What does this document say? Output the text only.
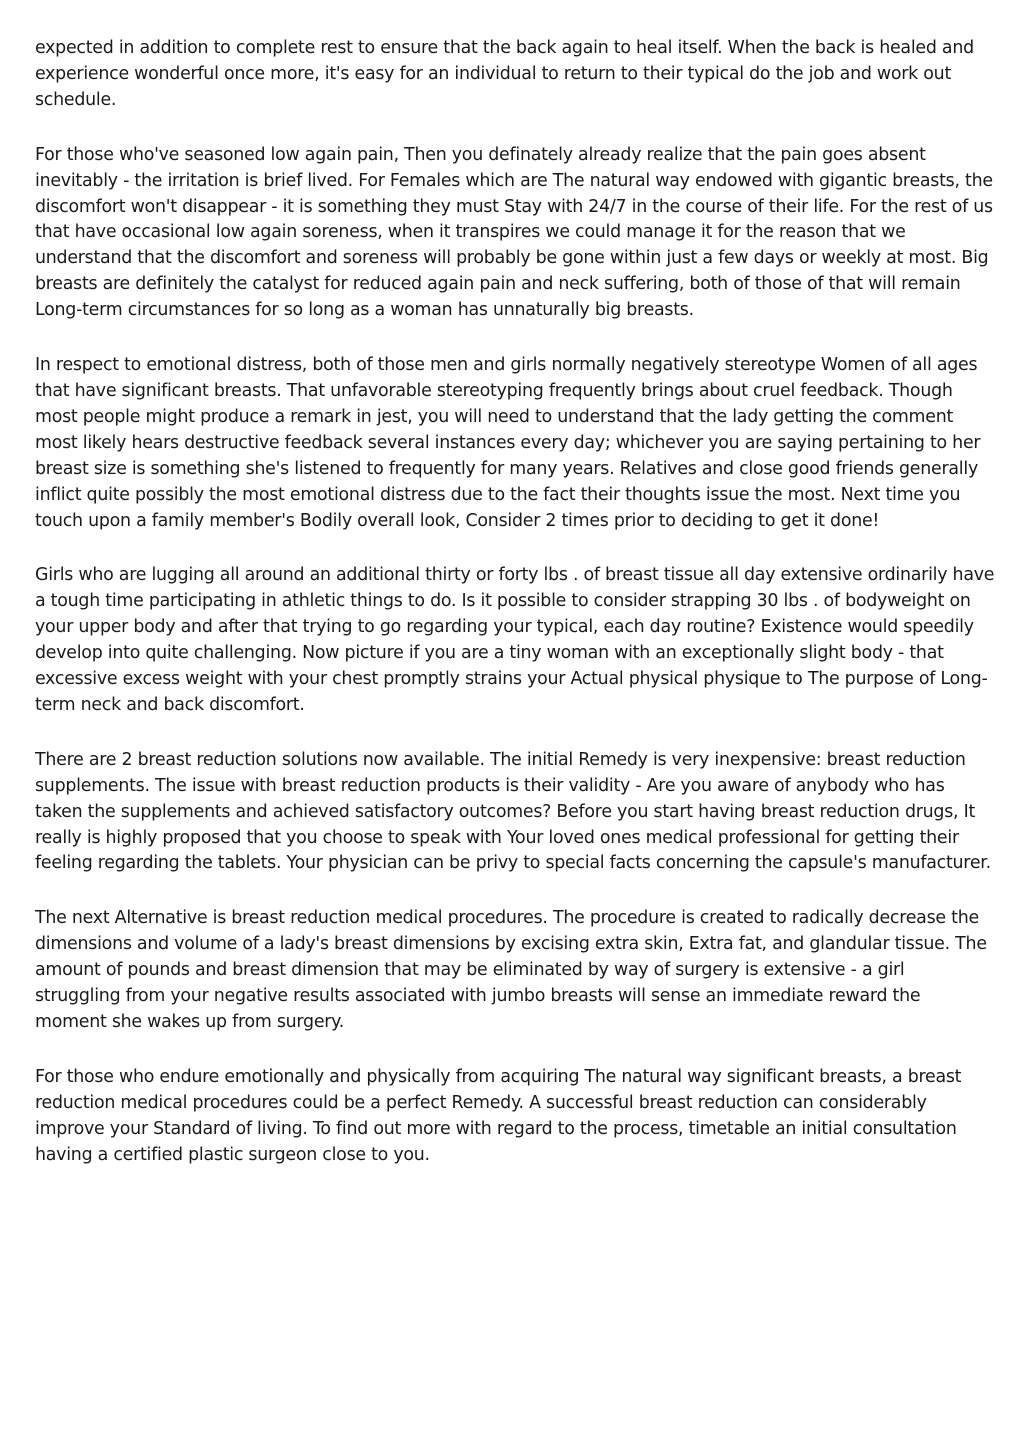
expected in addition to complete rest to ensure that the back again to heal itself. When the back is healed and experience wonderful once more, it's easy for an individual to return to their typical do the job and work out schedule.

For those who've seasoned low again pain, Then you definately already realize that the pain goes absent inevitably - the irritation is brief lived. For Females which are The natural way endowed with gigantic breasts, the discomfort won't disappear - it is something they must Stay with 24/7 in the course of their life. For the rest of us that have occasional low again soreness, when it transpires we could manage it for the reason that we understand that the discomfort and soreness will probably be gone within just a few days or weekly at most. Big breasts are definitely the catalyst for reduced again pain and neck suffering, both of those of that will remain Long-term circumstances for so long as a woman has unnaturally big breasts.

In respect to emotional distress, both of those men and girls normally negatively stereotype Women of all ages that have significant breasts. That unfavorable stereotyping frequently brings about cruel feedback. Though most people might produce a remark in jest, you will need to understand that the lady getting the comment most likely hears destructive feedback several instances every day; whichever you are saying pertaining to her breast size is something she's listened to frequently for many years. Relatives and close good friends generally inflict quite possibly the most emotional distress due to the fact their thoughts issue the most. Next time you touch upon a family member's Bodily overall look, Consider 2 times prior to deciding to get it done!

Girls who are lugging all around an additional thirty or forty lbs . of breast tissue all day extensive ordinarily have a tough time participating in athletic things to do. Is it possible to consider strapping 30 lbs . of bodyweight on your upper body and after that trying to go regarding your typical, each day routine? Existence would speedily develop into quite challenging. Now picture if you are a tiny woman with an exceptionally slight body - that excessive excess weight with your chest promptly strains your Actual physical physique to The purpose of Long-term neck and back discomfort.

There are 2 breast reduction solutions now available. The initial Remedy is very inexpensive: breast reduction supplements. The issue with breast reduction products is their validity - Are you aware of anybody who has taken the supplements and achieved satisfactory outcomes? Before you start having breast reduction drugs, It really is highly proposed that you choose to speak with Your loved ones medical professional for getting their feeling regarding the tablets. Your physician can be privy to special facts concerning the capsule's manufacturer.

The next Alternative is breast reduction medical procedures. The procedure is created to radically decrease the dimensions and volume of a lady's breast dimensions by excising extra skin, Extra fat, and glandular tissue. The amount of pounds and breast dimension that may be eliminated by way of surgery is extensive - a girl struggling from your negative results associated with jumbo breasts will sense an immediate reward the moment she wakes up from surgery.

For those who endure emotionally and physically from acquiring The natural way significant breasts, a breast reduction medical procedures could be a perfect Remedy. A successful breast reduction can considerably improve your Standard of living. To find out more with regard to the process, timetable an initial consultation having a certified plastic surgeon close to you.
